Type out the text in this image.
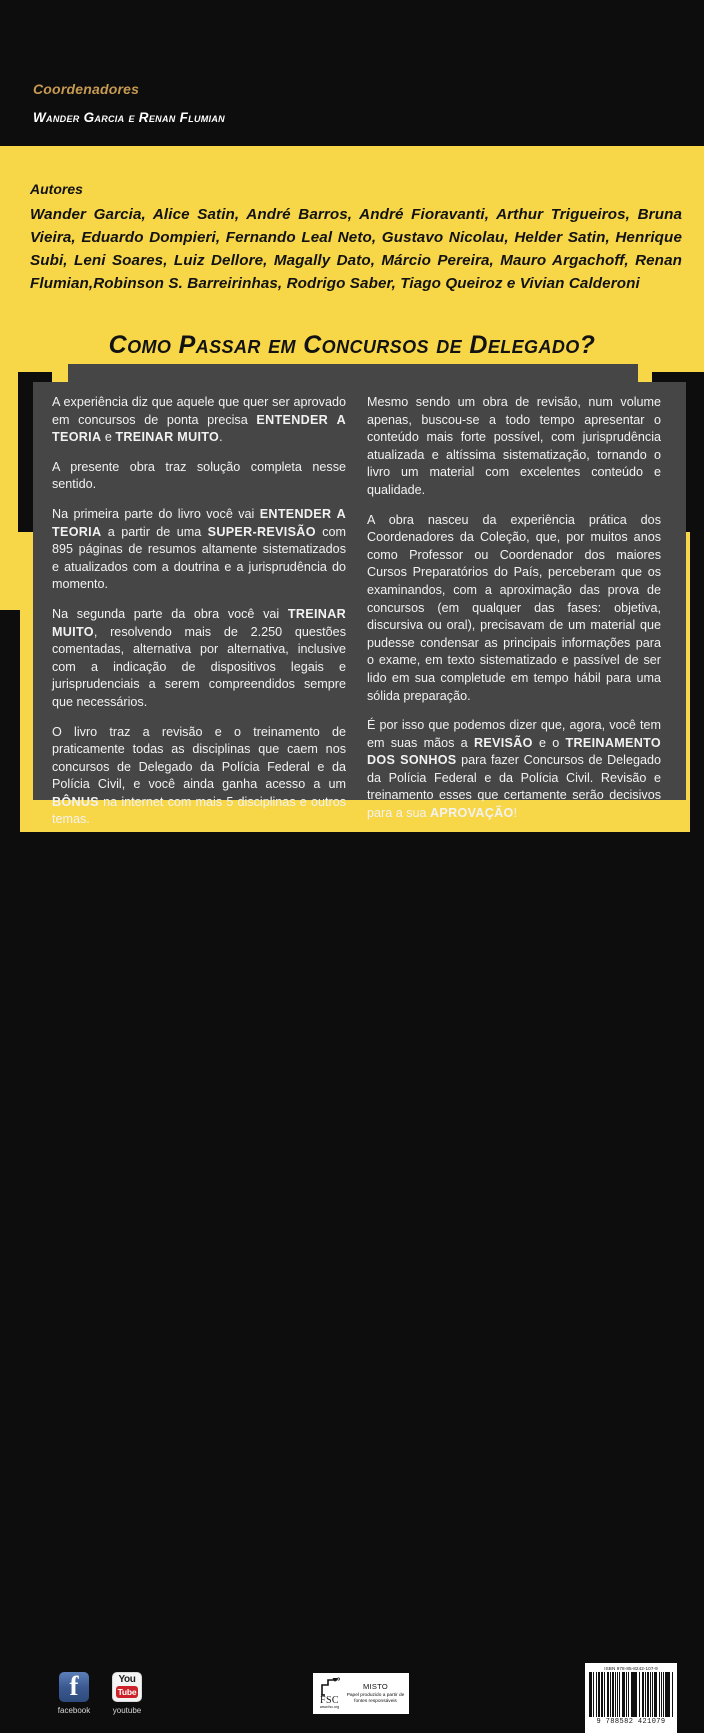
Coordenadores
Wander Garcia e Renan Flumian
Autores
Wander Garcia, Alice Satin, André Barros, André Fioravanti, Arthur Trigueiros, Bruna Vieira, Eduardo Dompieri, Fernando Leal Neto, Gustavo Nicolau, Helder Satin, Henrique Subi, Leni Soares, Luiz Dellore, Magally Dato, Márcio Pereira, Mauro Argachoff, Renan Flumian,Robinson S. Barreirinhas, Rodrigo Saber, Tiago Queiroz e Vivian Calderoni
Como Passar em Concursos de Delegado?

A experiência diz que aquele que quer ser aprovado em concursos de ponta precisa ENTENDER A TEORIA e TREINAR MUITO.

A presente obra traz solução completa nesse sentido.

Na primeira parte do livro você vai ENTENDER A TEORIA a partir de uma SUPER-REVISÃO com 895 páginas de resumos altamente sistematizados e atualizados com a doutrina e a jurisprudência do momento.

Na segunda parte da obra você vai TREINAR MUITO, resolvendo mais de 2.250 questões comentadas, alternativa por alternativa, inclusive com a indicação de dispositivos legais e jurisprudenciais a serem compreendidos sempre que necessários.

O livro traz a revisão e o treinamento de praticamente todas as disciplinas que caem nos concursos de Delegado da Polícia Federal e da Polícia Civil, e você ainda ganha acesso a um BÔNUS na internet com mais 5 disciplinas e outros temas.

Mesmo sendo um obra de revisão, num volume apenas, buscou-se a todo tempo apresentar o conteúdo mais forte possível, com jurisprudência atualizada e altíssima sistematização, tornando o livro um material com excelentes conteúdo e qualidade.

A obra nasceu da experiência prática dos Coordenadores da Coleção, que, por muitos anos como Professor ou Coordenador dos maiores Cursos Preparatórios do País, perceberam que os examinandos, com a aproximação das prova de concursos (em qualquer das fases: objetiva, discursiva ou oral), precisavam de um material que pudesse condensar as principais informações para o exame, em texto sistematizado e passível de ser lido em sua completude em tempo hábil para uma sólida preparação.

É por isso que podemos dizer que, agora, você tem em suas mãos a REVISÃO e o TREINAMENTO DOS SONHOS para fazer Concursos de Delegado da Polícia Federal e da Polícia Civil. Revisão e treinamento esses que certamente serão decisivos para a sua APROVAÇÃO!

f
facebook
You
Tube
youtube
FSC
www.fsc.org
MISTO
Papel produzido a partir de fontes responsáveis
ISBN 978-85-8242-107-9
9 788582 421079
